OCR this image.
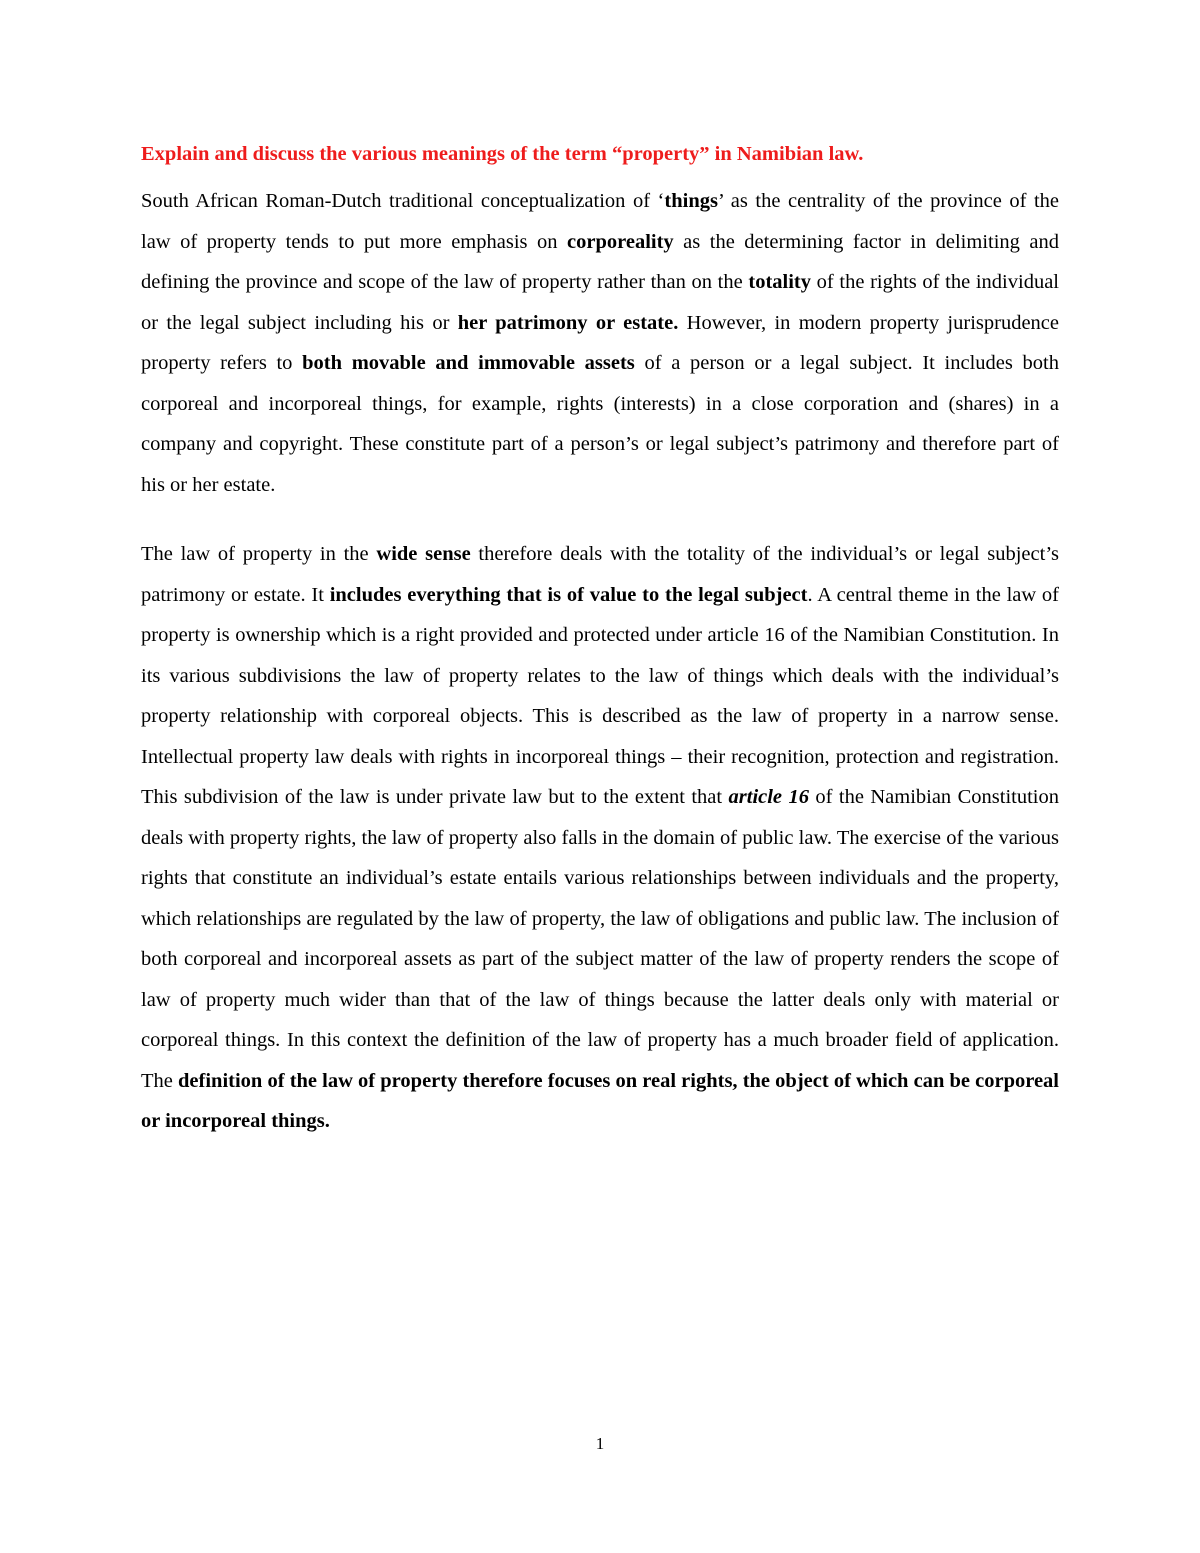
Explain and discuss the various meanings of the term “property” in Namibian law.

South African Roman-Dutch traditional conceptualization of ‘things’ as the centrality of the province of the law of property tends to put more emphasis on corporeality as the determining factor in delimiting and defining the province and scope of the law of property rather than on the totality of the rights of the individual or the legal subject including his or her patrimony or estate. However, in modern property jurisprudence property refers to both movable and immovable assets of a person or a legal subject. It includes both corporeal and incorporeal things, for example, rights (interests) in a close corporation and (shares) in a company and copyright. These constitute part of a person’s or legal subject’s patrimony and therefore part of his or her estate.

The law of property in the wide sense therefore deals with the totality of the individual’s or legal subject’s patrimony or estate. It includes everything that is of value to the legal subject. A central theme in the law of property is ownership which is a right provided and protected under article 16 of the Namibian Constitution. In its various subdivisions the law of property relates to the law of things which deals with the individual’s property relationship with corporeal objects. This is described as the law of property in a narrow sense. Intellectual property law deals with rights in incorporeal things – their recognition, protection and registration. This subdivision of the law is under private law but to the extent that article 16 of the Namibian Constitution deals with property rights, the law of property also falls in the domain of public law. The exercise of the various rights that constitute an individual’s estate entails various relationships between individuals and the property, which relationships are regulated by the law of property, the law of obligations and public law. The inclusion of both corporeal and incorporeal assets as part of the subject matter of the law of property renders the scope of law of property much wider than that of the law of things because the latter deals only with material or corporeal things. In this context the definition of the law of property has a much broader field of application. The definition of the law of property therefore focuses on real rights, the object of which can be corporeal or incorporeal things.

1
